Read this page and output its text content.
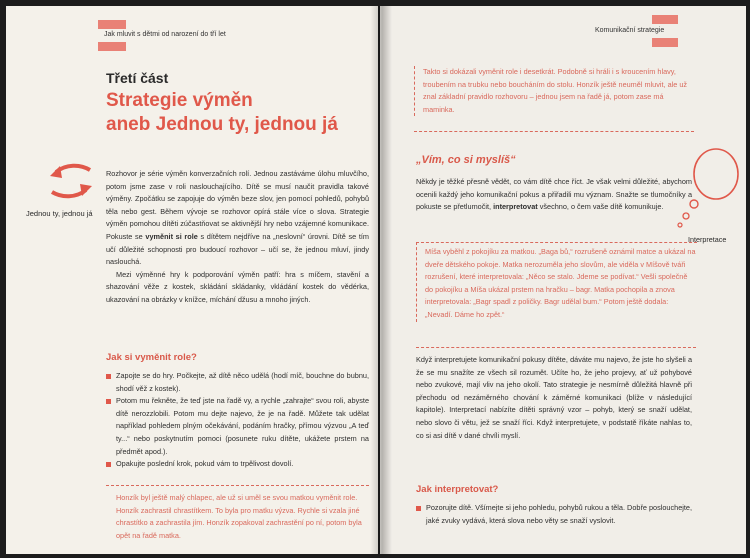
Jak mluvit s dětmi od narození do tří let
Třetí část
Strategie výměn
aneb Jednou ty, jednou já
Jednou ty, jednou já
Rozhovor je série výměn konverzačních rolí. Jednou zastáváme úlohu mluvčího, potom jsme zase v roli naslouchajícího. Dítě se musí naučit pravidla takové výměny. Zpočátku se zapojuje do výměn beze slov, jen pomocí pohledů, pohybů těla nebo gest. Během vývoje se rozhovor opírá stále více o slova. Strategie výměn pomohou dítěti zúčastňovat se aktivnější hry nebo vzájemné komunikace. Pokuste se vyměnit si role s dítětem nejdříve na „neslovní“ úrovni. Dítě se tím učí důležité schopnosti pro budoucí rozhovor – učí se, že jednou mluví, jindy naslouchá.
Mezi výměnné hry k podporování výměn patří: hra s míčem, stavění a shazování věže z kostek, skládání skládanky, vkládání kostek do vědérka, ukazování na obrázky v knížce, míchání džusu a mnoho jiných.
Jak si vyměnit role?
Zapojte se do hry. Počkejte, až dítě něco udělá (hodí míč, bouchne do bubnu, shodí věž z kostek).
Potom mu řekněte, že teď jste na řadě vy, a rychle „zahrajte“ svou roli, abyste dítě nerozzlobili. Potom mu dejte najevo, že je na řadě. Můžete tak udělat například pohledem plným očekávání, podáním hračky, přímou výzvou „A teď ty...“ nebo poskytnutím pomoci (posunete ruku dítěte, ukážete prstem na předmět apod.).
Opakujte poslední krok, pokud vám to trpělivost dovolí.
Honzík byl ještě malý chlapec, ale už si uměl se svou matkou vyměnit role. Honzík zachrastil chrastítkem. To byla pro matku výzva. Rychle si vzala jiné chrastítko a zachrastila jím. Honzík zopakoval zachrastění po ní, potom byla opět na řadě matka.
Komunikační strategie
Takto si dokázali vyměnit role i desetkrát. Podobně si hráli i s kroucením hlavy, troubením na trubku nebo boucháním do stolu. Honzík ještě neuměl mluvit, ale už znal základní pravidlo rozhovoru – jednou jsem na řadě já, potom zase má maminka.
„Vím, co si myslíš“
Interpretace
Někdy je těžké přesně vědět, co vám dítě chce říct. Je však velmi důležité, abychom ocenili každý jeho komunikační pokus a přiřadili mu význam. Snažte se tlumočníky a pokuste se přetlumočit, interpretovat všechno, o čem vaše dítě komunikuje.
Míša vyběhl z pokojíku za matkou. „Baga bů,“ rozrušeně oznámil matce a ukázal na dveře dětského pokoje. Matka nerozuměla jeho slovům, ale viděla v Míšově tváři rozrušení, které interpretovala: „Něco se stalo. Jdeme se podívat.“ Vešli společně do pokojíku a Míša ukázal prstem na hračku – bagr. Matka pochopila a znova interpretovala: „Bagr spadl z poličky. Bagr udělal bum.“ Potom ještě dodala: „Nevadí. Dáme ho zpět.“
Když interpretujete komunikační pokusy dítěte, dáváte mu najevo, že jste ho slyšeli a že se mu snažíte ze všech sil rozumět. Učíte ho, že jeho projevy, ať už pohybové nebo zvukové, mají vliv na jeho okolí. Tato strategie je nesmírně důležitá hlavně při přechodu od nezáměrného chování k záměrné komunikaci (blíže v následující kapitole). Interpretací nabízíte dítěti správný vzor – pohyb, který se snaží udělat, nebo slovo či větu, jež se snaží říci. Když interpretujete, v podstatě říkáte nahlas to, co si asi dítě v dané chvíli myslí.
Jak interpretovat?
Pozorujte dítě. Všímejte si jeho pohledu, pohybů rukou a těla. Dobře poslouchejte, jaké zvuky vydává, která slova nebo věty se snaží vyslovit.
